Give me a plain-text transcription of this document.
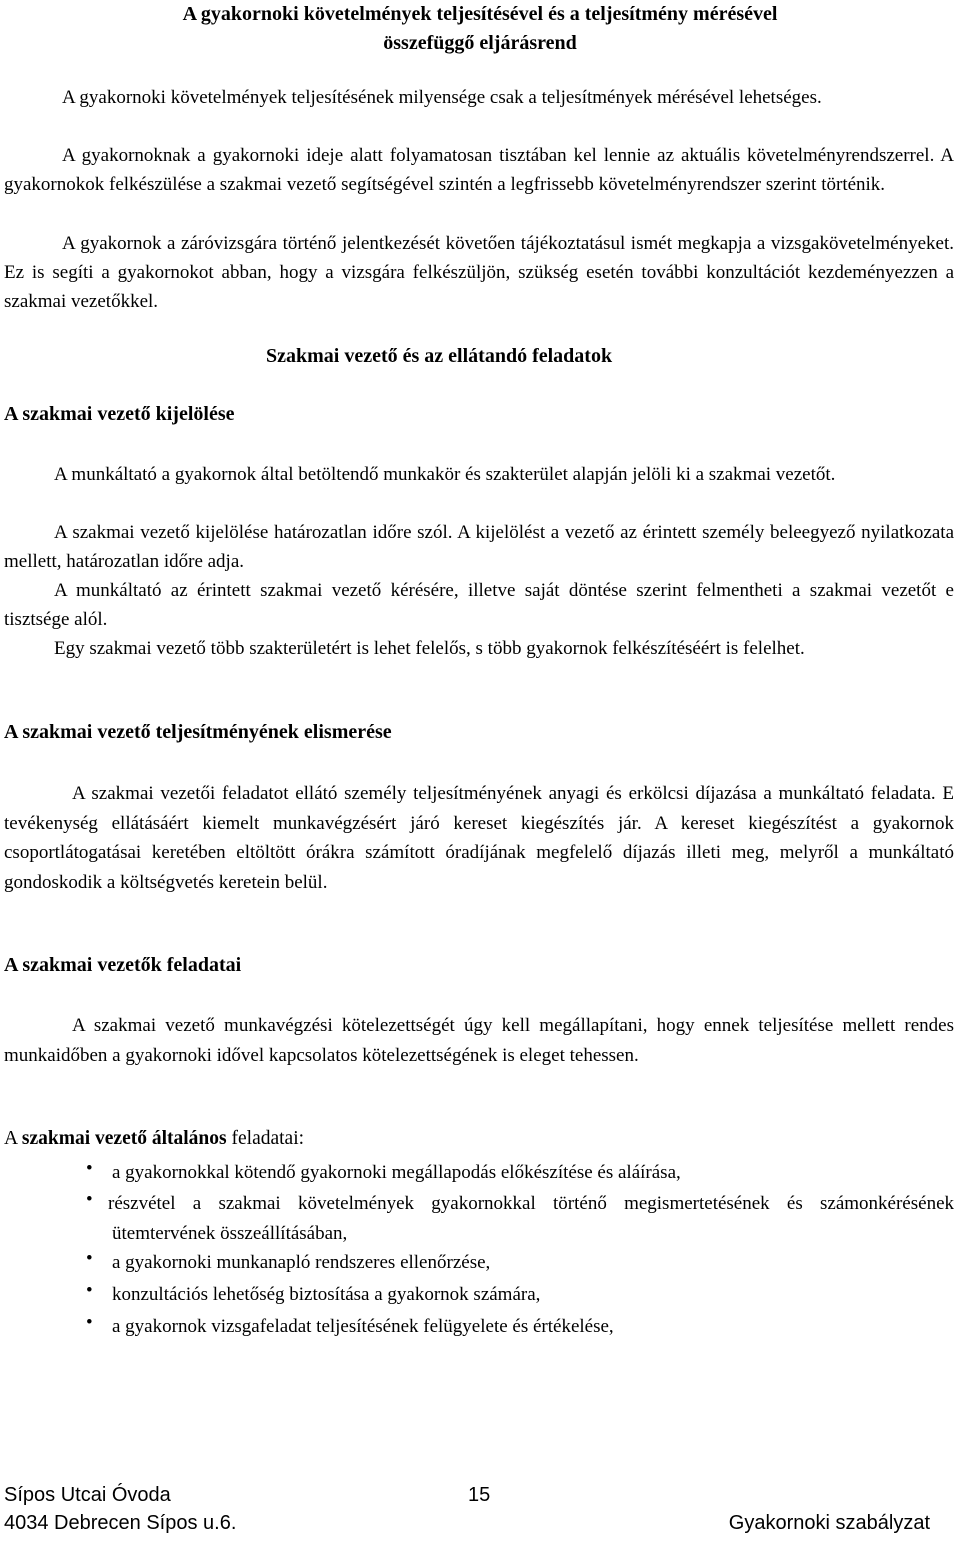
A gyakornoki követelmények teljesítésével és a teljesítmény mérésével
összefüggő eljárásrend
A gyakornoki követelmények teljesítésének milyensége csak a teljesítmények mérésével lehetséges.
A gyakornoknak a gyakornoki ideje alatt folyamatosan tisztában kel lennie az aktuális követelményrendszerrel. A gyakornokok felkészülése a szakmai vezető segítségével szintén a legfrissebb követelményrendszer szerint történik.
A gyakornok a záróvizsgára történő jelentkezését követően tájékoztatásul ismét megkapja a vizsgakövetelményeket. Ez is segíti a gyakornokot abban, hogy a vizsgára felkészüljön, szükség esetén további konzultációt kezdeményezzen a szakmai vezetőkkel.
Szakmai vezető és az ellátandó feladatok
A szakmai vezető kijelölése
A munkáltató a gyakornok által betöltendő munkakör és szakterület alapján jelöli ki a szakmai vezetőt.
A szakmai vezető kijelölése határozatlan időre szól. A kijelölést a vezető az érintett személy beleegyező nyilatkozata mellett, határozatlan időre adja.
A munkáltató az érintett szakmai vezető kérésére, illetve saját döntése szerint felmentheti a szakmai vezetőt e tisztsége alól.
Egy szakmai vezető több szakterületért is lehet felelős, s több gyakornok felkészítéséért is felelhet.
A szakmai vezető teljesítményének elismerése
A szakmai vezetői feladatot ellátó személy teljesítményének anyagi és erkölcsi díjazása a munkáltató feladata. E tevékenység ellátásáért kiemelt munkavégzésért járó kereset kiegészítés jár. A kereset kiegészítést a gyakornok csoportlátogatásai keretében eltöltött órákra számított óradíjának megfelelő díjazás illeti meg, melyről a munkáltató gondoskodik a költségvetés keretein belül.
A szakmai vezetők feladatai
A szakmai vezető munkavégzési kötelezettségét úgy kell megállapítani, hogy ennek teljesítése mellett rendes munkaidőben a gyakornoki idővel kapcsolatos kötelezettségének is eleget tehessen.
A szakmai vezető általános feladatai:
• a gyakornokkal kötendő gyakornoki megállapodás előkészítése és aláírása,
• részvétel a szakmai követelmények gyakornokkal történő megismertetésének és számonkérésének ütemtervének összeállításában,
• a gyakornoki munkanapló rendszeres ellenőrzése,
• konzultációs lehetőség biztosítása a gyakornok számára,
• a gyakornok vizsgafeladat teljesítésének felügyelete és értékelése,
Sípos Utcai Óvoda	15
4034 Debrecen Sípos u.6.	Gyakornoki szabályzat
